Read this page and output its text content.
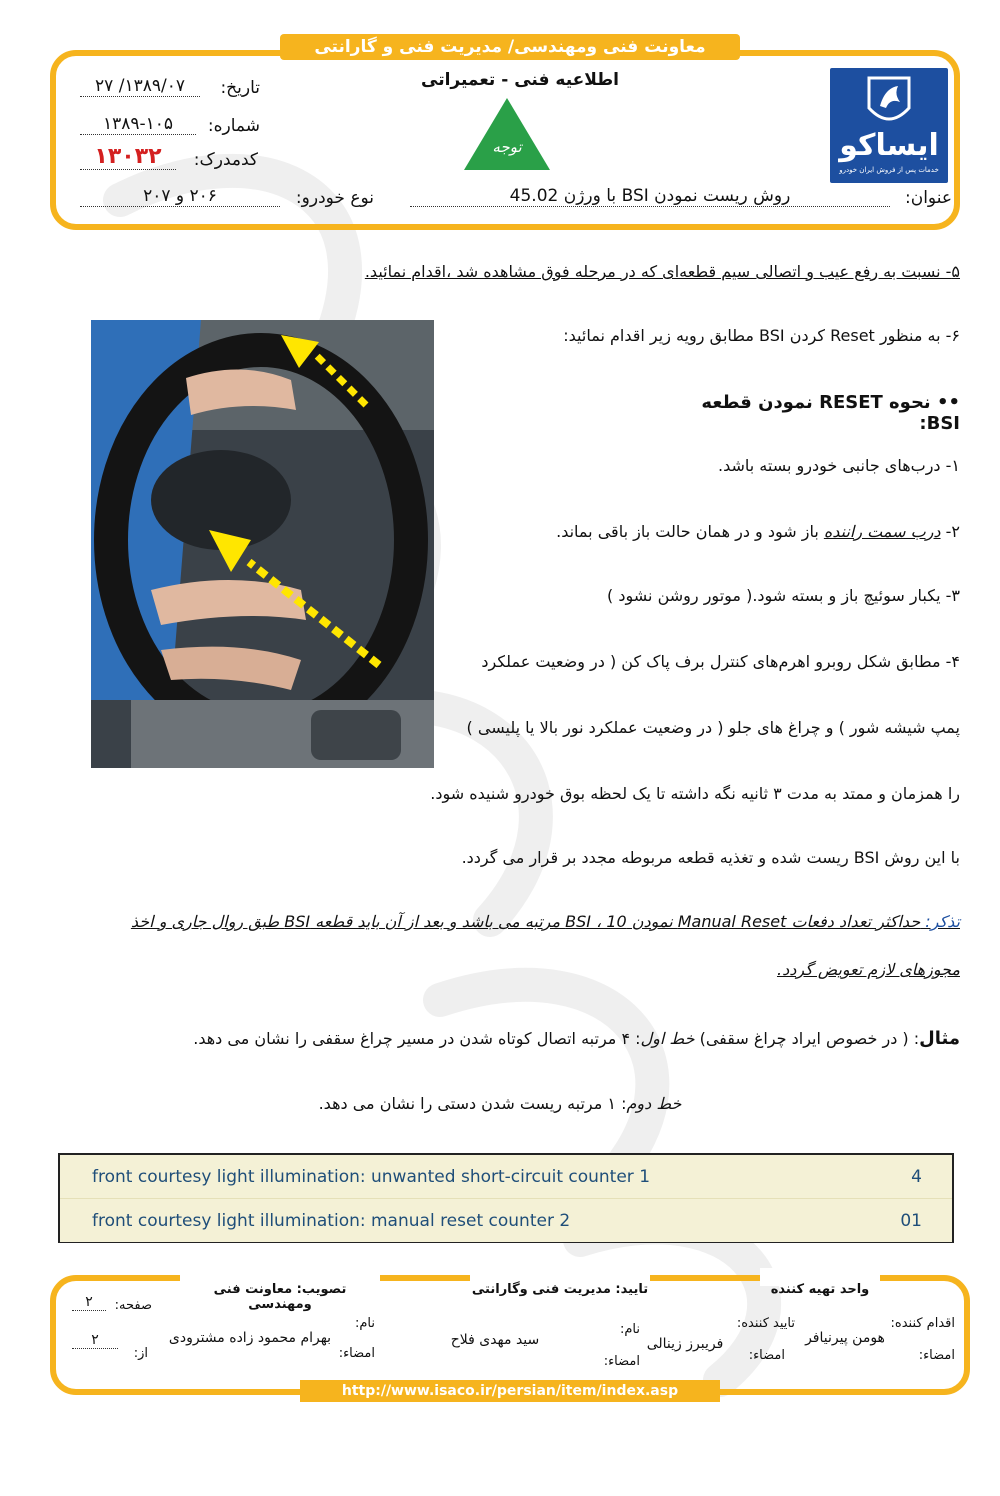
معاونت فنی ومهندسی/ مدیریت فنی و گارانتی
ایساکو
خدمات پس از فروش ایران خودرو
اطلاعیه فنی - تعمیراتی
توجه
تاریخ:
۱۳۸۹/۰۷/ ۲۷
شماره:
۱۳۸۹-۱۰۵
کدمدرک:
۱۳۰۳۲
نوع خودرو:
۲۰۶ و ۲۰۷	عنوان:
روش ریست نمودن BSI با ورژن 45.02
۵- نسبت به رفع عیب و اتصالی سیم قطعه‌ای که در مرحله فوق مشاهده شد ،اقدام نمائید.
۶- به منظور Reset کردن BSI مطابق رویه زیر اقدام نمائید:
•• نحوه RESET نمودن قطعه BSI:
۱- درب‌های جانبی خودرو بسته باشد.
۲- درب سمت راننده باز شود و در همان حالت باز باقی بماند.
۳- یکبار سوئیچ باز و بسته شود.( موتور روشن نشود )
۴- مطابق شکل روبرو اهرم‌های کنترل برف پاک کن ( در وضعیت عملکرد
پمپ شیشه شور ) و چراغ های جلو ( در وضعیت عملکرد نور بالا یا پلیسی )
را همزمان و ممتد به مدت ۳ ثانیه نگه داشته تا یک لحظه بوق خودرو شنیده شود.
با این روش BSI ریست شده و تغذیه قطعه مربوطه مجدد بر قرار می گردد.
تذکر: حداکثر تعداد دفعات Manual Reset نمودن BSI ، 10 مرتبه می باشد و بعد از آن باید قطعه BSI طبق روال جاری و اخذ
مجوزهای لازم تعویض گردد.
مثال: ( در خصوص ایراد چراغ سقفی) خط اول: ۴ مرتبه اتصال کوتاه شدن در مسیر چراغ سقفی را نشان می دهد.
خط دوم: ۱ مرتبه ریست شدن دستی را نشان می دهد.
front courtesy light illumination: unwanted short-circuit counter 1	4
front courtesy light illumination: manual reset counter 2	01
تصویب: معاونت فنی ومهندسی
تایید: مدیریت فنی وگارانتی	واحد تهیه کننده
اقدام کننده:
امضاء:
هومن پیرنیافر
تایید کننده:
امضاء:
فریبرز زینالی
نام:
امضاء:
سید مهدی فلاح
نام:
امضاء:
بهرام محمود زاده مشترودی
صفحه:
۲
از:
۲
http://www.isaco.ir/persian/item/index.asp
